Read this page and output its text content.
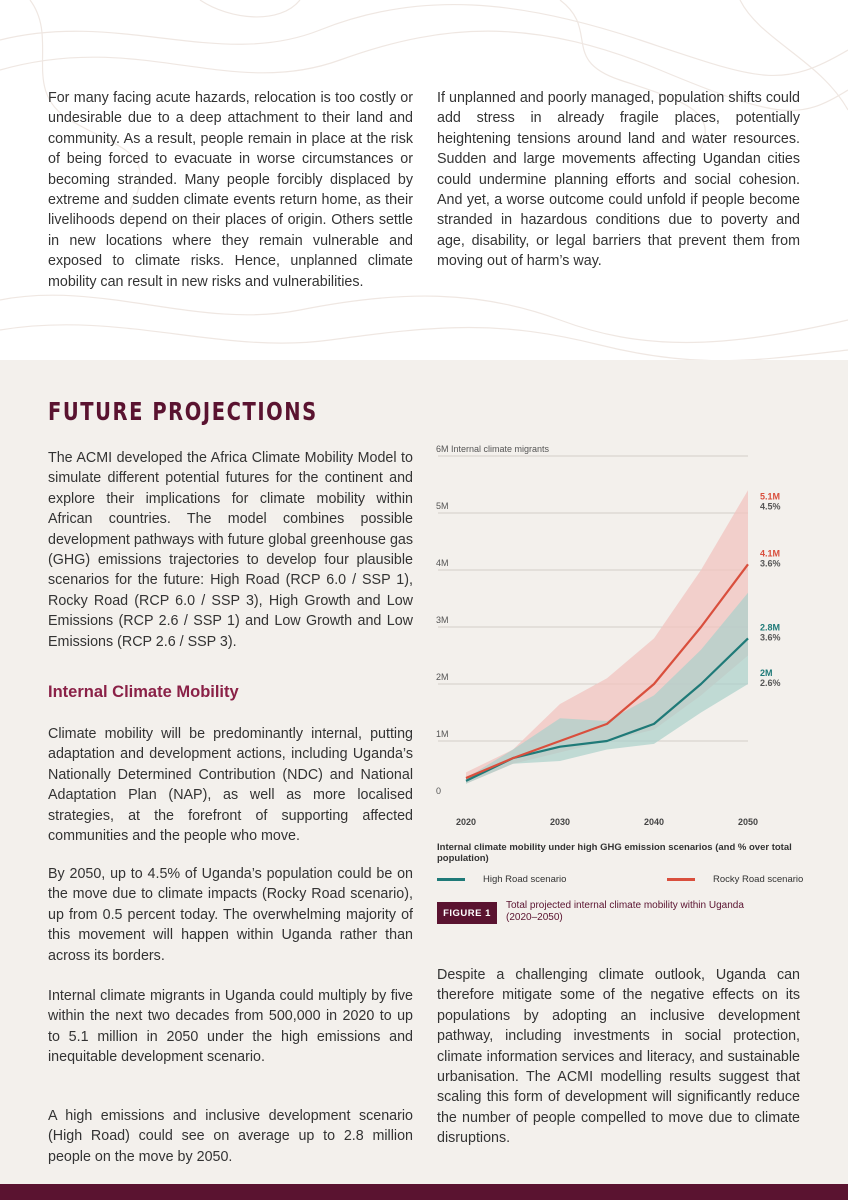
For many facing acute hazards, relocation is too costly or undesirable due to a deep attachment to their land and community. As a result, people remain in place at the risk of being forced to evacuate in worse circumstances or becoming stranded. Many people forcibly displaced by extreme and sudden climate events return home, as their livelihoods depend on their places of origin. Others settle in new locations where they remain vulnerable and exposed to climate risks. Hence, unplanned climate mobility can result in new risks and vulnerabilities.

If unplanned and poorly managed, population shifts could add stress in already fragile places, potentially heightening tensions around land and water resources. Sudden and large movements affecting Ugandan cities could undermine planning efforts and social cohesion. And yet, a worse outcome could unfold if people become stranded in hazardous conditions due to poverty and age, disability, or legal barriers that prevent them from moving out of harm’s way.

FUTURE PROJECTIONS

The ACMI developed the Africa Climate Mobility Model to simulate different potential futures for the continent and explore their implications for climate mobility within African countries. The model combines possible development pathways with future global greenhouse gas (GHG) emissions trajectories to develop four plausible scenarios for the future: High Road (RCP 6.0 / SSP 1), Rocky Road (RCP 6.0 / SSP 3), High Growth and Low Emissions (RCP 2.6 / SSP 1) and Low Growth and Low Emissions (RCP 2.6 / SSP 3).

Internal Climate Mobility

Climate mobility will be predominantly internal, putting adaptation and development actions, including Uganda’s Nationally Determined Contribution (NDC) and National Adaptation Plan (NAP), as well as more localised strategies, at the forefront of supporting affected communities and the people who move.

By 2050, up to 4.5% of Uganda’s population could be on the move due to climate impacts (Rocky Road scenario), up from 0.5 percent today. The overwhelming majority of this movement will happen within Uganda rather than across its borders.

Internal climate migrants in Uganda could multiply by five within the next two decades from 500,000 in 2020 to up to 5.1 million in 2050 under the high emissions and inequitable development scenario.

A high emissions and inclusive development scenario (High Road) could see on average up to 2.8 million people on the move by 2050.

Despite a challenging climate outlook, Uganda can therefore mitigate some of the negative effects on its populations by adopting an inclusive development pathway, including investments in social protection, climate information services and literacy, and sustainable urbanisation. The ACMI modelling results suggest that scaling this form of development will significantly reduce the number of people compelled to move due to climate disruptions.

0
1M
2M
3M
4M
5M
6M Internal climate migrants
2020	2030	2040	2050
2.8M
3.6%
2M
2.6%
5.1M
4.5%
4.1M
3.6%
Internal climate mobility under high GHG emission scenarios (and % over total population)
High Road scenario	Rocky Road scenario
FIGURE 1
Total projected internal climate mobility within Uganda (2020–2050)
